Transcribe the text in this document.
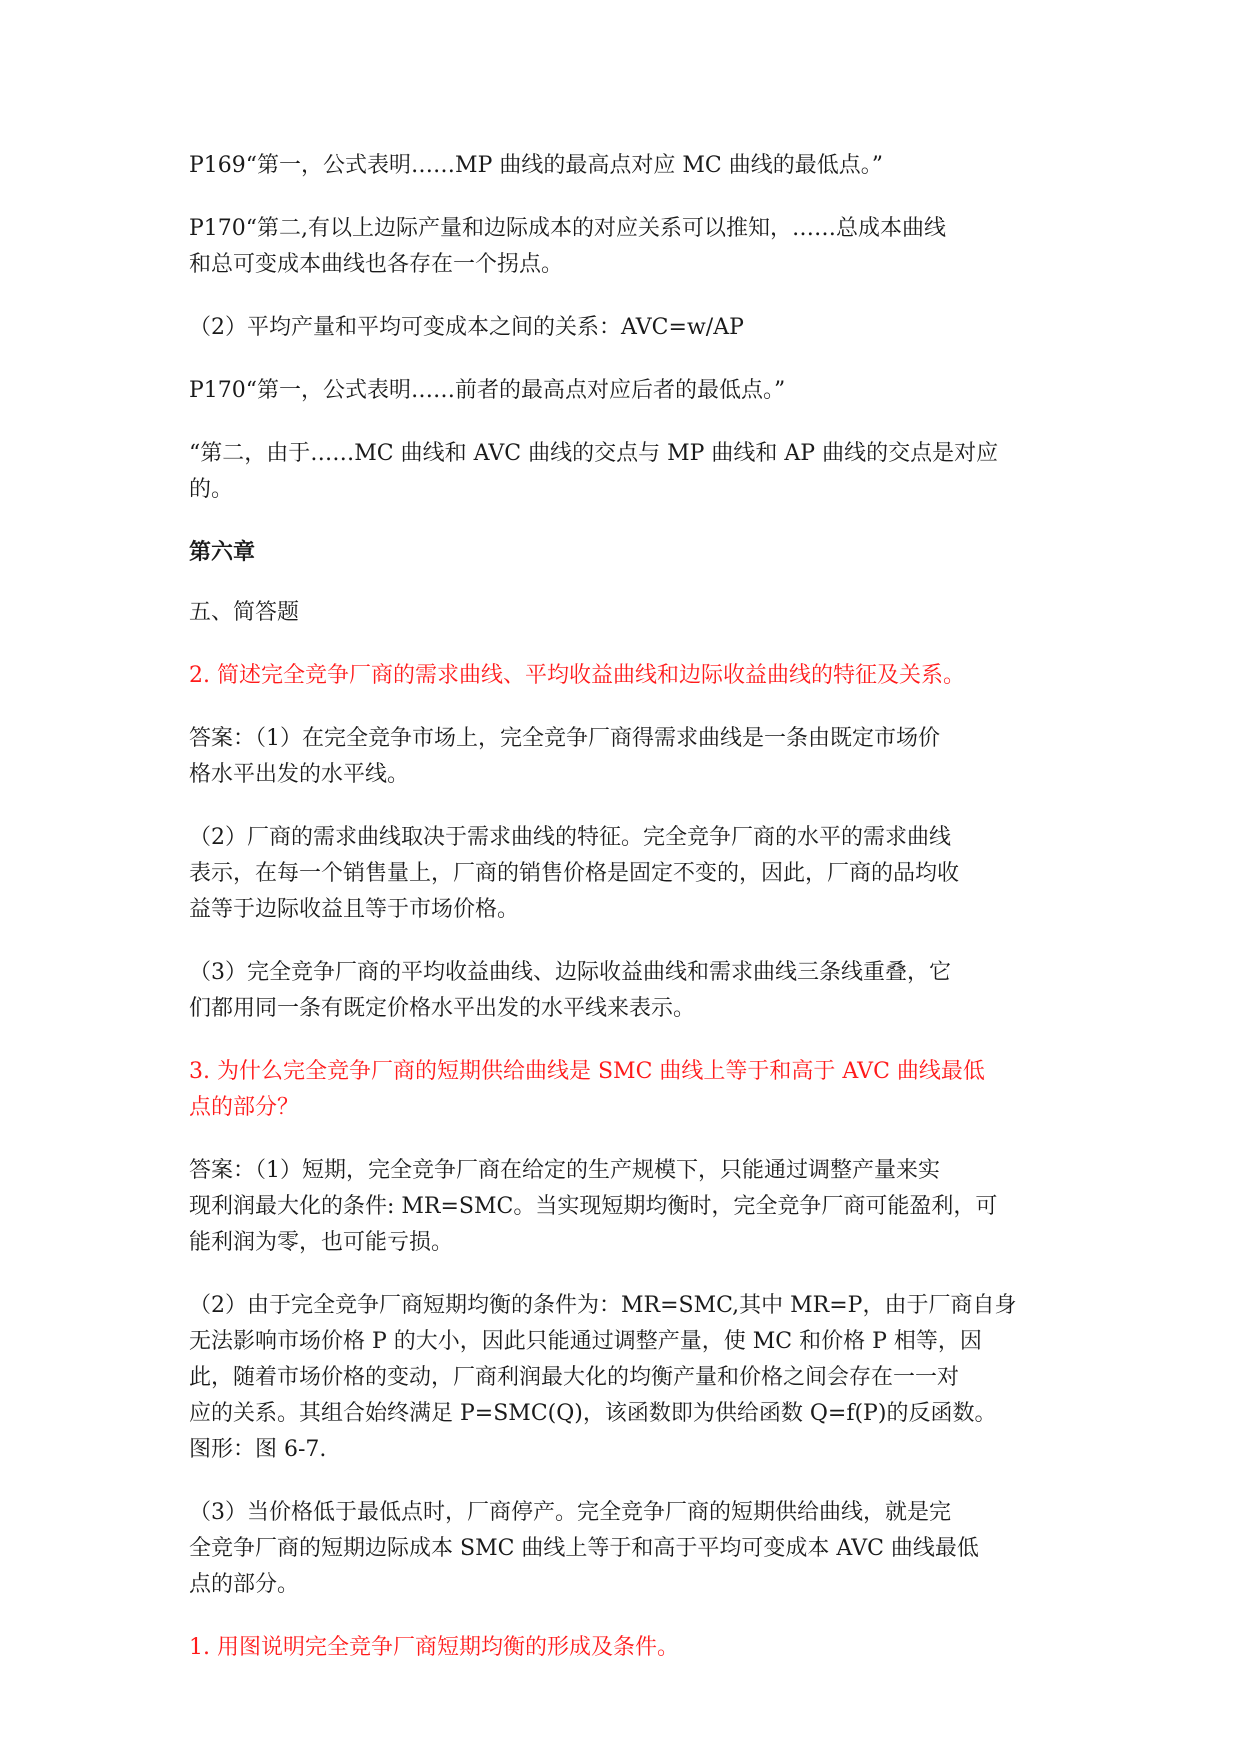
P169“第一，公式表明……MP 曲线的最高点对应 MC 曲线的最低点。”

P170“第二,有以上边际产量和边际成本的对应关系可以推知，……总成本曲线
和总可变成本曲线也各存在一个拐点。

（2）平均产量和平均可变成本之间的关系：AVC=w/AP

P170“第一，公式表明……前者的最高点对应后者的最低点。”

“第二，由于……MC 曲线和 AVC 曲线的交点与 MP 曲线和 AP 曲线的交点是对应
的。

第六章

五、简答题

2. 简述完全竞争厂商的需求曲线、平均收益曲线和边际收益曲线的特征及关系。

答案：（1）在完全竞争市场上，完全竞争厂商得需求曲线是一条由既定市场价
格水平出发的水平线。

（2）厂商的需求曲线取决于需求曲线的特征。完全竞争厂商的水平的需求曲线
表示，在每一个销售量上，厂商的销售价格是固定不变的，因此，厂商的品均收
益等于边际收益且等于市场价格。

（3）完全竞争厂商的平均收益曲线、边际收益曲线和需求曲线三条线重叠，它
们都用同一条有既定价格水平出发的水平线来表示。

3. 为什么完全竞争厂商的短期供给曲线是 SMC 曲线上等于和高于 AVC 曲线最低
点的部分？

答案：（1）短期，完全竞争厂商在给定的生产规模下，只能通过调整产量来实
现利润最大化的条件: MR=SMC。当实现短期均衡时，完全竞争厂商可能盈利，可
能利润为零，也可能亏损。

（2）由于完全竞争厂商短期均衡的条件为：MR=SMC,其中 MR=P，由于厂商自身
无法影响市场价格 P 的大小，因此只能通过调整产量，使 MC 和价格 P 相等，因
此，随着市场价格的变动，厂商利润最大化的均衡产量和价格之间会存在一一对
应的关系。其组合始终满足 P=SMC(Q)，该函数即为供给函数 Q=f(P)的反函数。
图形：图 6-7.

（3）当价格低于最低点时，厂商停产。完全竞争厂商的短期供给曲线，就是完
全竞争厂商的短期边际成本 SMC 曲线上等于和高于平均可变成本 AVC 曲线最低
点的部分。

1. 用图说明完全竞争厂商短期均衡的形成及条件。
